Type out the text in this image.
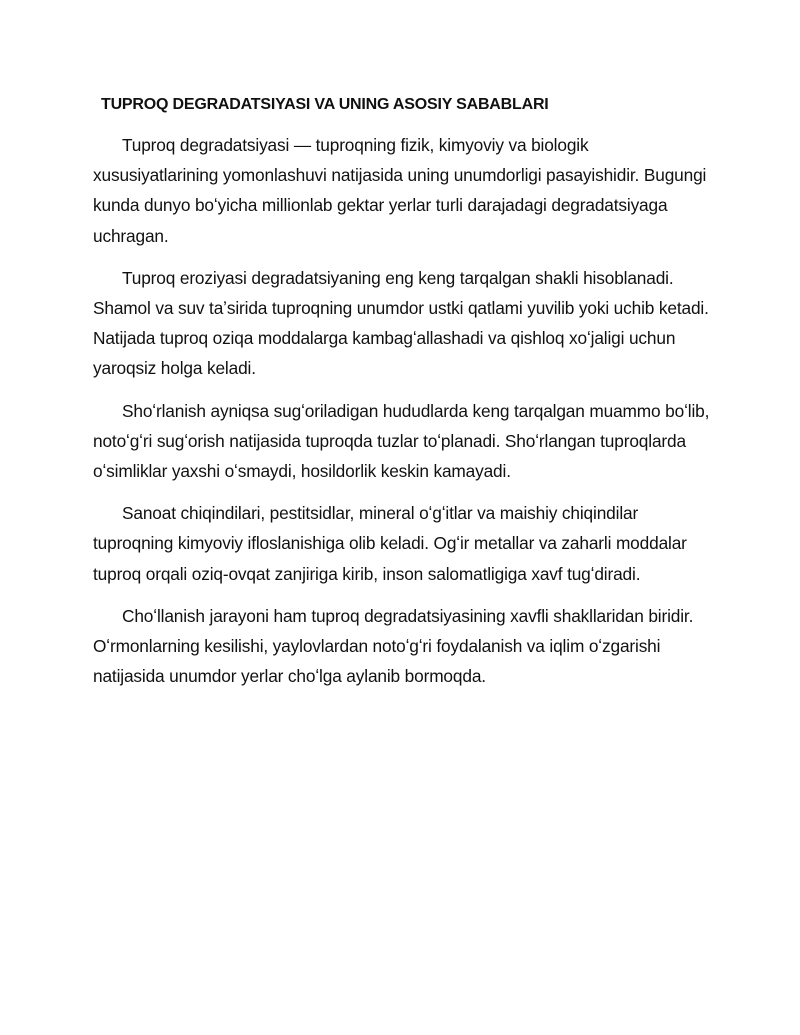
TUPROQ DEGRADATSIYASI VA UNING ASOSIY SABABLARI

Tuproq degradatsiyasi — tuproqning fizik, kimyoviy va biologik xususiyatlarining yomonlashuvi natijasida uning unumdorligi pasayishidir. Bugungi kunda dunyo boʻyicha millionlab gektar yerlar turli darajadagi degradatsiyaga uchragan.

Tuproq eroziyasi degradatsiyaning eng keng tarqalgan shakli hisoblanadi. Shamol va suv taʼsirida tuproqning unumdor ustki qatlami yuvilib yoki uchib ketadi. Natijada tuproq oziqa moddalarga kambagʻallashadi va qishloq xoʻjaligi uchun yaroqsiz holga keladi.

Shoʻrlanish ayniqsa sugʻoriladigan hududlarda keng tarqalgan muammo boʻlib, notoʻgʻri sugʻorish natijasida tuproqda tuzlar toʻplanadi. Shoʻrlangan tuproqlarda oʻsimliklar yaxshi oʻsmaydi, hosildorlik keskin kamayadi.

Sanoat chiqindilari, pestitsidlar, mineral oʻgʻitlar va maishiy chiqindilar tuproqning kimyoviy ifloslanishiga olib keladi. Ogʻir metallar va zaharli moddalar tuproq orqali oziq-ovqat zanjiriga kirib, inson salomatligiga xavf tugʻdiradi.

Choʻllanish jarayoni ham tuproq degradatsiyasining xavfli shakllaridan biridir. Oʻrmonlarning kesilishi, yaylovlardan notoʻgʻri foydalanish va iqlim oʻzgarishi natijasida unumdor yerlar choʻlga aylanib bormoqda.
